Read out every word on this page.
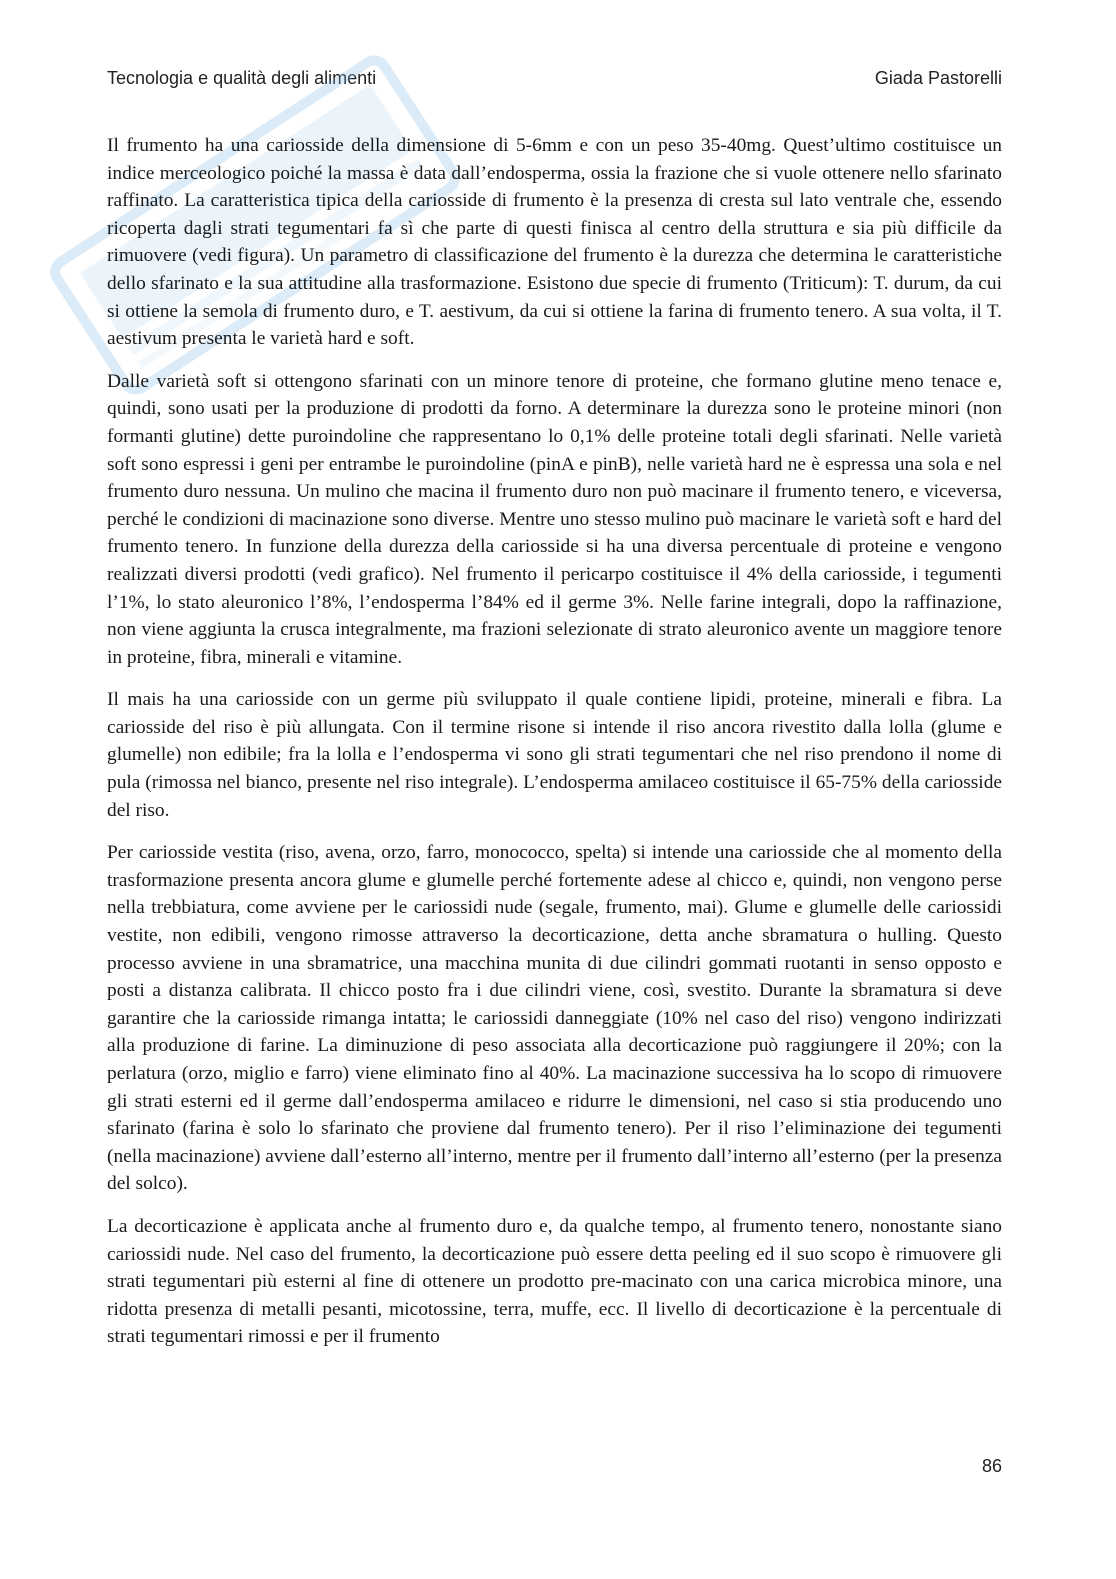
Tecnologia e qualità degli alimenti	Giada Pastorelli

Il frumento ha una cariosside della dimensione di 5-6mm e con un peso 35-40mg. Quest’ultimo costituisce un indice merceologico poiché la massa è data dall’endosperma, ossia la frazione che si vuole ottenere nello sfarinato raffinato. La caratteristica tipica della cariosside di frumento è la presenza di cresta sul lato ventrale che, essendo ricoperta dagli strati tegumentari fa sì che parte di questi finisca al centro della struttura e sia più difficile da rimuovere (vedi figura). Un parametro di classificazione del frumento è la durezza che determina le caratteristiche dello sfarinato e la sua attitudine alla trasformazione. Esistono due specie di frumento (Triticum): T. durum, da cui si ottiene la semola di frumento duro, e T. aestivum, da cui si ottiene la farina di frumento tenero. A sua volta, il T. aestivum presenta le varietà hard e soft.

Dalle varietà soft si ottengono sfarinati con un minore tenore di proteine, che formano glutine meno tenace e, quindi, sono usati per la produzione di prodotti da forno. A determinare la durezza sono le proteine minori (non formanti glutine) dette puroindoline che rappresentano lo 0,1% delle proteine totali degli sfarinati. Nelle varietà soft sono espressi i geni per entrambe le puroindoline (pinA e pinB), nelle varietà hard ne è espressa una sola e nel frumento duro nessuna. Un mulino che macina il frumento duro non può macinare il frumento tenero, e viceversa, perché le condizioni di macinazione sono diverse. Mentre uno stesso mulino può macinare le varietà soft e hard del frumento tenero. In funzione della durezza della cariosside si ha una diversa percentuale di proteine e vengono realizzati diversi prodotti (vedi grafico). Nel frumento il pericarpo costituisce il 4% della cariosside, i tegumenti l’1%, lo stato aleuronico l’8%, l’endosperma l’84% ed il germe 3%. Nelle farine integrali, dopo la raffinazione, non viene aggiunta la crusca integralmente, ma frazioni selezionate di strato aleuronico avente un maggiore tenore in proteine, fibra, minerali e vitamine.

Il mais ha una cariosside con un germe più sviluppato il quale contiene lipidi, proteine, minerali e fibra. La cariosside del riso è più allungata. Con il termine risone si intende il riso ancora rivestito dalla lolla (glume e glumelle) non edibile; fra la lolla e l’endosperma vi sono gli strati tegumentari che nel riso prendono il nome di pula (rimossa nel bianco, presente nel riso integrale). L’endosperma amilaceo costituisce il 65-75% della cariosside del riso.

Per cariosside vestita (riso, avena, orzo, farro, monococco, spelta) si intende una cariosside che al momento della trasformazione presenta ancora glume e glumelle perché fortemente adese al chicco e, quindi, non vengono perse nella trebbiatura, come avviene per le cariossidi nude (segale, frumento, mai). Glume e glumelle delle cariossidi vestite, non edibili, vengono rimosse attraverso la decorticazione, detta anche sbramatura o hulling. Questo processo avviene in una sbramatrice, una macchina munita di due cilindri gommati ruotanti in senso opposto e posti a distanza calibrata. Il chicco posto fra i due cilindri viene, così, svestito. Durante la sbramatura si deve garantire che la cariosside rimanga intatta; le cariossidi danneggiate (10% nel caso del riso) vengono indirizzati alla produzione di farine. La diminuzione di peso associata alla decorticazione può raggiungere il 20%; con la perlatura (orzo, miglio e farro) viene eliminato fino al 40%. La macinazione successiva ha lo scopo di rimuovere gli strati esterni ed il germe dall’endosperma amilaceo e ridurre le dimensioni, nel caso si stia producendo uno sfarinato (farina è solo lo sfarinato che proviene dal frumento tenero). Per il riso l’eliminazione dei tegumenti (nella macinazione) avviene dall’esterno all’interno, mentre per il frumento dall’interno all’esterno (per la presenza del solco).

La decorticazione è applicata anche al frumento duro e, da qualche tempo, al frumento tenero, nonostante siano cariossidi nude. Nel caso del frumento, la decorticazione può essere detta peeling ed il suo scopo è rimuovere gli strati tegumentari più esterni al fine di ottenere un prodotto pre-macinato con una carica microbica minore, una ridotta presenza di metalli pesanti, micotossine, terra, muffe, ecc. Il livello di decorticazione è la percentuale di strati tegumentari rimossi e per il frumento

86
